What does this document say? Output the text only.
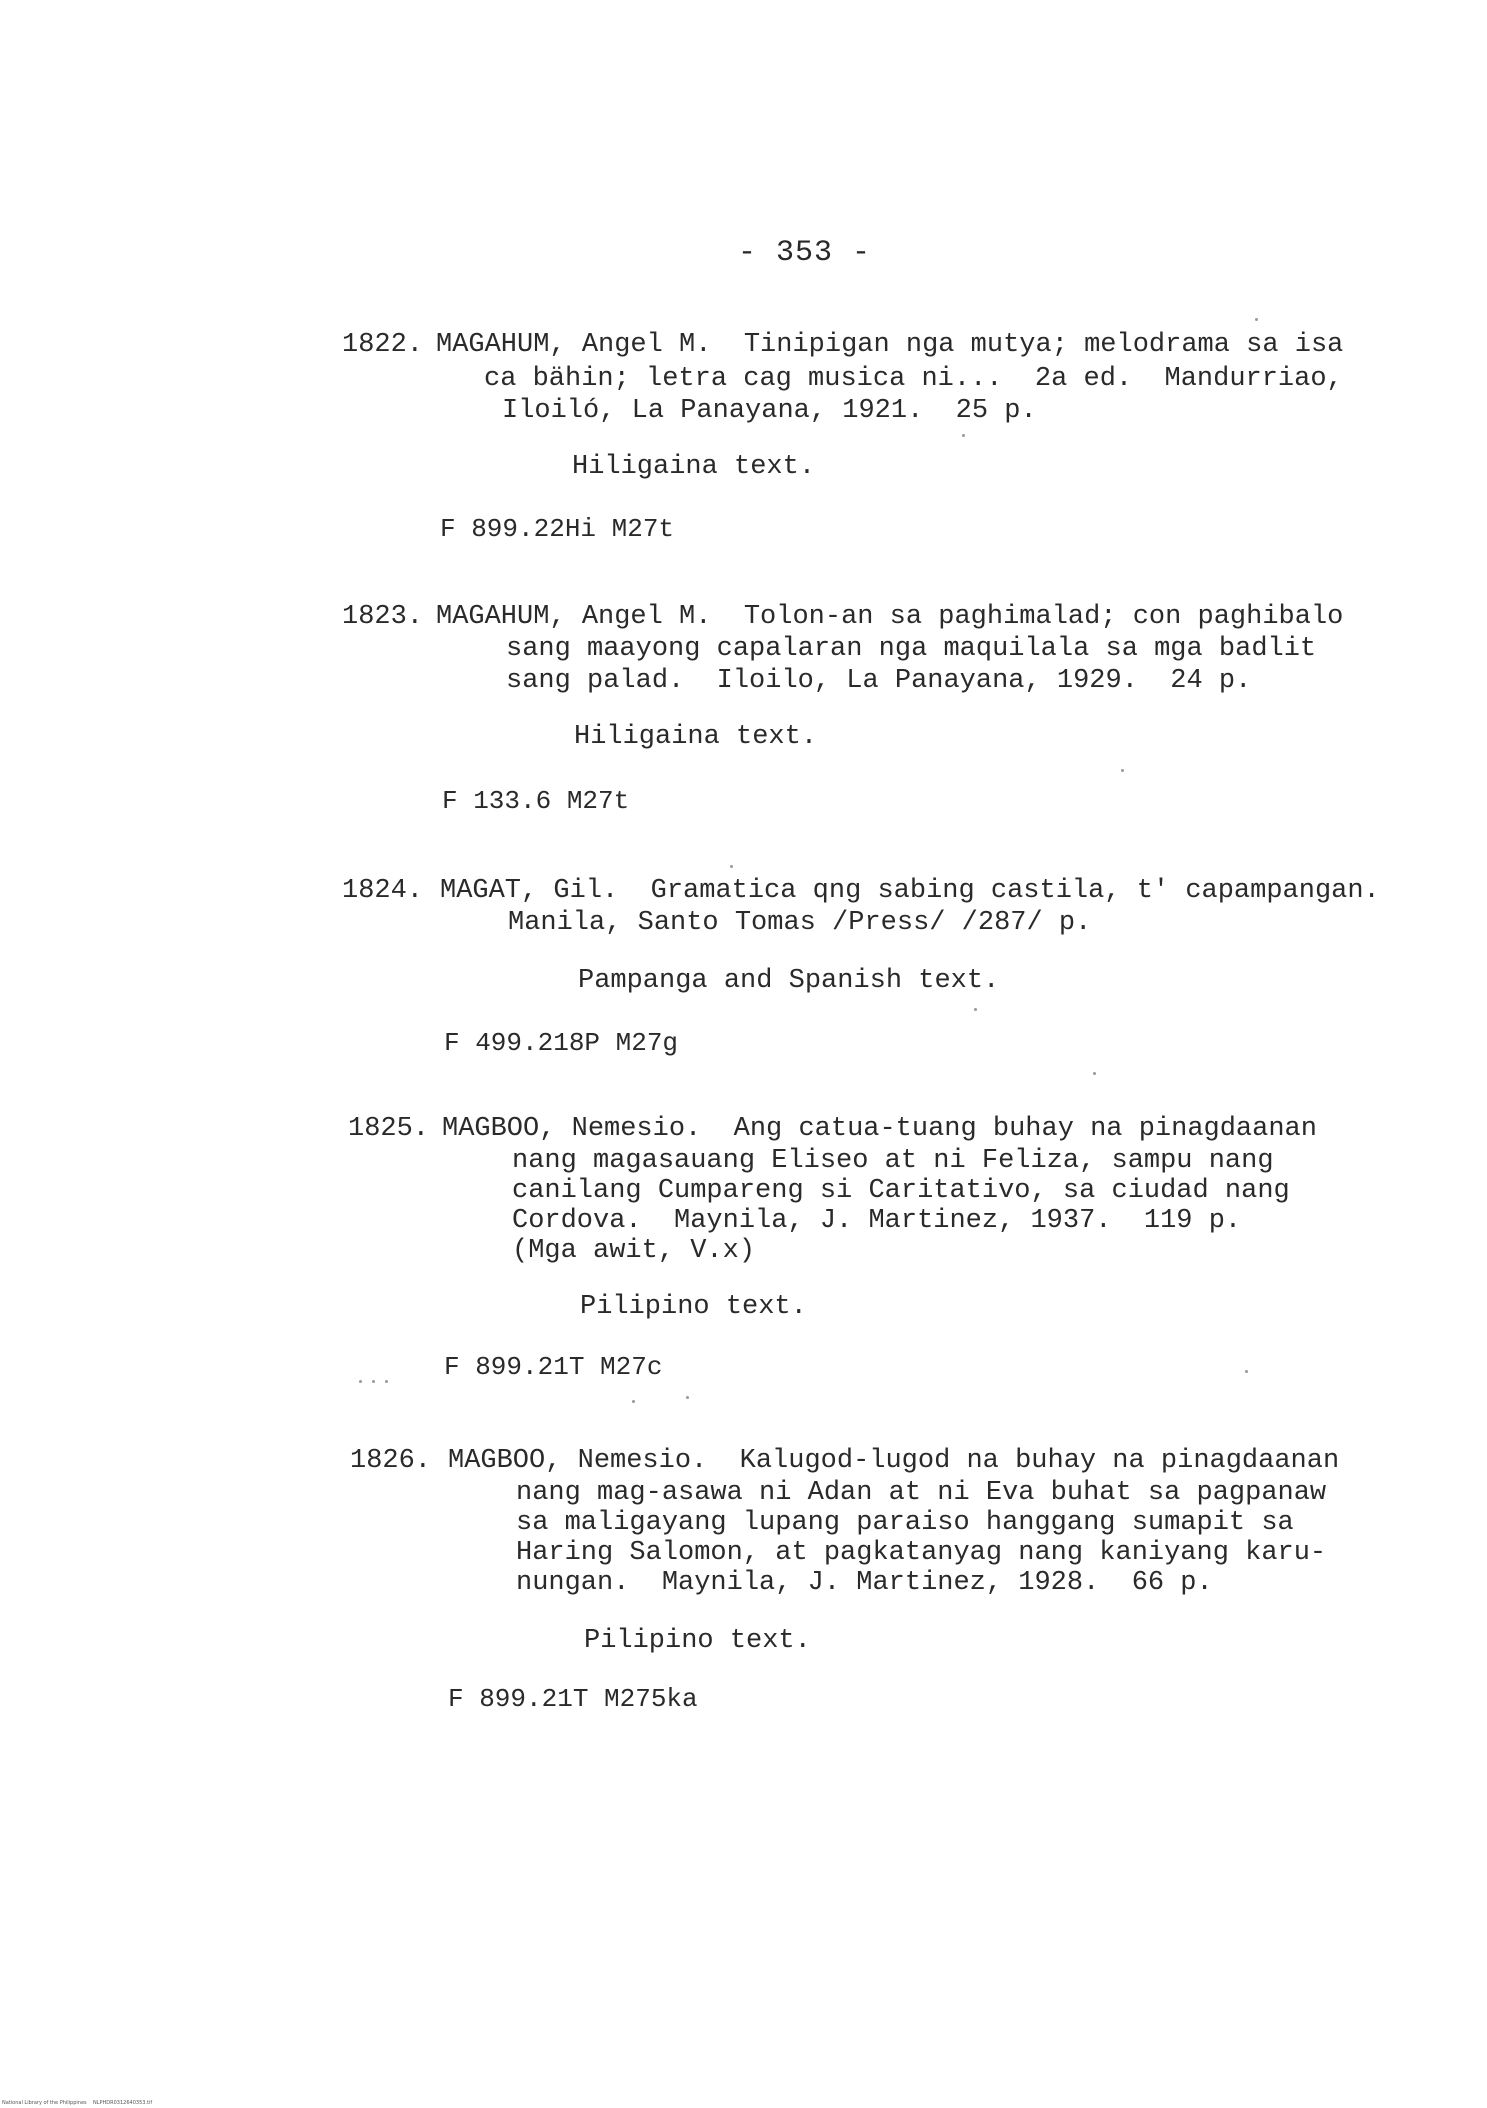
- 353 -
1822. MAGAHUM, Angel M.  Tinipigan nga mutya; melodrama sa isa
ca bähin; letra cag musica ni...  2a ed.  Mandurriao,
Iloiló, La Panayana, 1921.  25 p.
Hiligaina text.
F 899.22Hi M27t
1823. MAGAHUM, Angel M.  Tolon-an sa paghimalad; con paghibalo
sang maayong capalaran nga maquilala sa mga badlit
sang palad.  Iloilo, La Panayana, 1929.  24 p.
Hiligaina text.
F 133.6 M27t
1824. MAGAT, Gil.  Gramatica qng sabing castila, t' capampangan.
Manila, Santo Tomas /Press/ /287/ p.
Pampanga and Spanish text.
F 499.218P M27g
1825. MAGBOO, Nemesio.  Ang catua-tuang buhay na pinagdaanan
nang magasauang Eliseo at ni Feliza, sampu nang
canilang Cumpareng si Caritativo, sa ciudad nang
Cordova.  Maynila, J. Martinez, 1937.  119 p.
(Mga awit, V.x)
Pilipino text.
F 899.21T M27c
1826. MAGBOO, Nemesio.  Kalugod-lugod na buhay na pinagdaanan
nang mag-asawa ni Adan at ni Eva buhat sa pagpanaw
sa maligayang lupang paraiso hanggang sumapit sa
Haring Salomon, at pagkatanyag nang kaniyang karu-
nungan.  Maynila, J. Martinez, 1928.  66 p.
Pilipino text.
F 899.21T M275ka
National Library of the Philippines    NLPHDR0312640353.tif
